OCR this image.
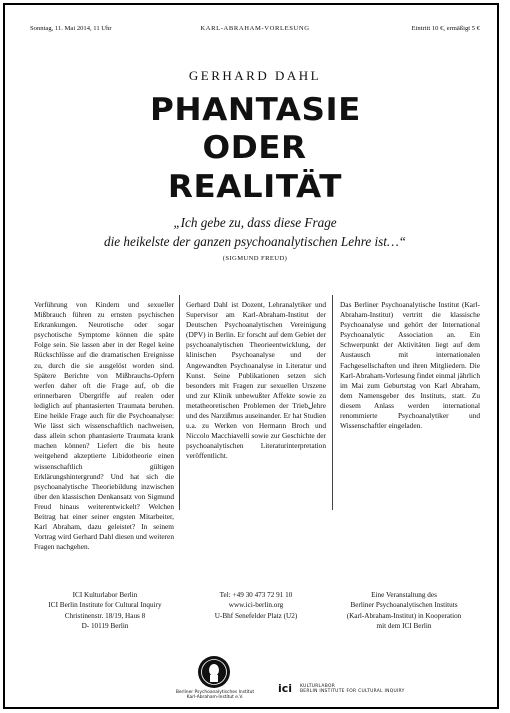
Sonntag, 11. Mai 2014, 11 Uhr	KARL-ABRAHAM-VORLESUNG	Eintritt 10 €, ermäßigt 5 €
GERHARD DAHL
PHANTASIE
ODER
REALITÄT
„Ich gebe zu, dass diese Frage
die heikelste der ganzen psychoanalytischen Lehre ist…“
(SIGMUND FREUD)
Verführung von Kindern und sexueller Mißbrauch führen zu ernsten psychischen Erkrankungen. Neurotische oder sogar psychotische Symptome können die späte Folge sein. Sie lassen aber in der Regel keine Rückschlüsse auf die dramatischen Ereignisse zu, durch die sie ausgelöst worden sind. Spätere Berichte von Mißbrauchs-Opfern werfen daher oft die Frage auf, ob die erinnerbaren Übergriffe auf realen oder lediglich auf phantasierten Traumata beruhen. Eine heikle Frage auch für die Psychoanalyse: Wie lässt sich wissenschaftlich nachweisen, dass allein schon phantasierte Traumata krank machen können? Liefert die bis heute weitgehend akzeptierte Libidotheorie einen wissenschaftlich gültigen Erklärungshintergrund? Und hat sich die psychoanalytische Theoriebildung inzwischen über den klassischen Denkansatz von Sigmund Freud hinaus weiterentwickelt? Welchen Beitrag hat einer seiner engsten Mitarbeiter, Karl Abraham, dazu geleistet? In seinem Vortrag wird Gerhard Dahl diesen und weiteren Fragen nachgehen.
Gerhard Dahl ist Dozent, Lehranalytiker und Supervisor am Karl-Abraham-Institut der Deutschen Psychoanalytischen Vereinigung (DPV) in Berlin. Er forscht auf dem Gebiet der psychoanalytischen Theorieentwicklung, der klinischen Psychoanalyse und der Angewandten Psychoanalyse in Literatur und Kunst. Seine Publikationen setzen sich besonders mit Fragen zur sexuellen Urszene und zur Klinik unbewußter Affekte sowie zu metatheoretischen Problemen der Triebلehre und des Narzißmus auseinander. Er hat Studien u.a. zu Werken von Hermann Broch und Niccolo Macchiavelli sowie zur Geschichte der psychoanalytischen Literaturinterpretation veröffentlicht.
Das Berliner Psychoanalytische Institut (Karl-Abraham-Institut) vertritt die klassische Psychoanalyse und gehört der International Psychoanalytic Association an. Ein Schwerpunkt der Aktivitäten liegt auf dem Austausch mit internationalen Fachgesellschaften und ihren Mitgliedern. Die Karl-Abraham-Vorlesung findet einmal jährlich im Mai zum Geburtstag von Karl Abraham, dem Namensgeber des Instituts, statt. Zu diesem Anlass werden international renommierte Psychoanalytiker und Wissenschaftler eingeladen.
ICI Kulturlabor Berlin
ICI Berlin Institute for Cultural Inquiry
Christinenstr. 18/19, Haus 8
D- 10119 Berlin
Tel: +49 30 473 72 91 10
www.ici-berlin.org
U-Bhf Senefelder Platz (U2)
Eine Veranstaltung des
Berliner Psychoanalytischen Instituts
(Karl-Abraham-Institut) in Kooperation
mit dem ICI Berlin
Berliner Psychoanalytisches Institut
Karl-Abraham-Institut e.V.
ici KULTURLABOR
BERLIN INSTITUTE FOR CULTURAL INQUIRY
